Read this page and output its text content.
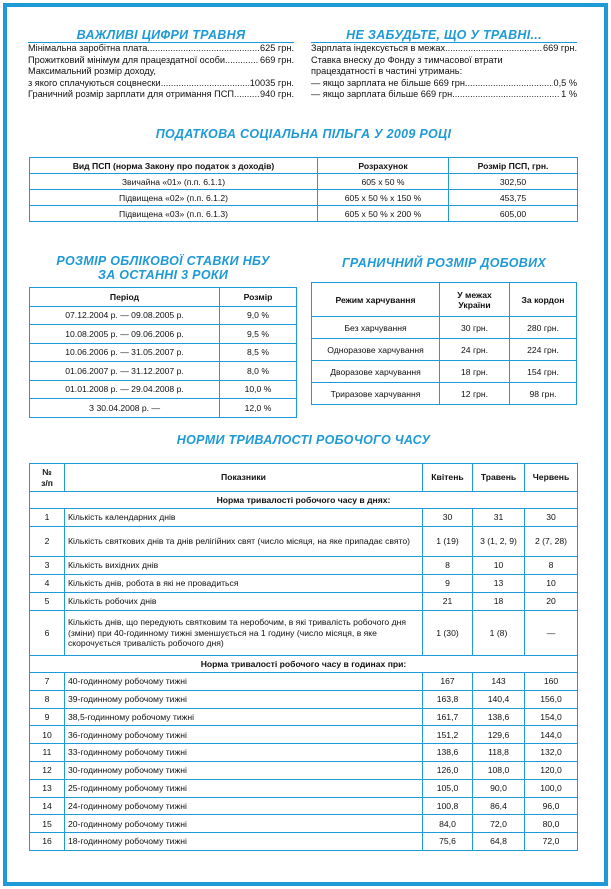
ВАЖЛИВІ ЦИФРИ ТРАВНЯ
Мінімальна заробітна плата .....	625 грн.
Прожитковий мінімум для працездатної особи .....	669 грн.
Максимальний розмір доходу,
з якого сплачуються соцвнески .....	10035 грн.
Граничний розмір зарплати для отримання ПСП .....	940 грн.
НЕ ЗАБУДЬТЕ, ЩО У ТРАВНІ...
Зарплата індексується в межах .....	669 грн.
Ставка внеску до Фонду з тимчасової втрати
працездатності в частині утримань:
— якщо зарплата не більше 669 грн. .....	0,5 %
— якщо зарплата більше 669 грн. .....	1 %
ПОДАТКОВА СОЦІАЛЬНА ПІЛЬГА У 2009 РОЦІ
Вид ПСП (норма Закону про податок з доходів)	Розрахунок	Розмір ПСП, грн.
Звичайна «01» (п.п. 6.1.1)	605 х 50 %	302,50
Підвищена «02» (п.п. 6.1.2)	605 х 50 % х 150 %	453,75
Підвищена «03» (п.п. 6.1.3)	605 х 50 % х 200 %	605,00
РОЗМІР ОБЛІКОВОЇ СТАВКИ НБУ
ЗА ОСТАННІ 3 РОКИ
Період	Розмір
07.12.2004 р. — 09.08.2005 р.	9,0 %
10.08.2005 р. — 09.06.2006 р.	9,5 %
10.06.2006 р. — 31.05.2007 р.	8,5 %
01.06.2007 р. — 31.12.2007 р.	8,0 %
01.01.2008 р. — 29.04.2008 р.	10,0 %
З 30.04.2008 р. —	12,0 %
ГРАНИЧНИЙ РОЗМІР ДОБОВИХ
Режим харчування	У межах України	За кордон
Без харчування	30 грн.	280 грн.
Одноразове харчування	24 грн.	224 грн.
Дворазове харчування	18 грн.	154 грн.
Триразове харчування	12 грн.	98 грн.
НОРМИ ТРИВАЛОСТІ РОБОЧОГО ЧАСУ
№ з/п	Показники	Квітень	Травень	Червень
Норма тривалості робочого часу в днях:				
1	Кількість календарних днів	30	31	30
2	Кількість святкових днів та днів релігійних свят (число місяця, на яке припадає свято)	1 (19)	3 (1, 2, 9)	2 (7, 28)
3	Кількість вихідних днів	8	10	8
4	Кількість днів, робота в які не провадиться	9	13	10
5	Кількість робочих днів	21	18	20
6	Кількість днів, що передують святковим та неробочим, в які тривалість робочого дня (зміни) при 40-годинному тижні зменшується на 1 годину (число місяця, в яке скорочується тривалість робочого дня)	1 (30)	1 (8)	—
Норма тривалості робочого часу в годинах при:				
7	40-годинному робочому тижні	167	143	160
8	39-годинному робочому тижні	163,8	140,4	156,0
9	38,5-годинному робочому тижні	161,7	138,6	154,0
10	36-годинному робочому тижні	151,2	129,6	144,0
11	33-годинному робочому тижні	138,6	118,8	132,0
12	30-годинному робочому тижні	126,0	108,0	120,0
13	25-годинному робочому тижні	105,0	90,0	100,0
14	24-годинному робочому тижні	100,8	86,4	96,0
15	20-годинному робочому тижні	84,0	72,0	80,0
16	18-годинному робочому тижні	75,6	64,8	72,0
